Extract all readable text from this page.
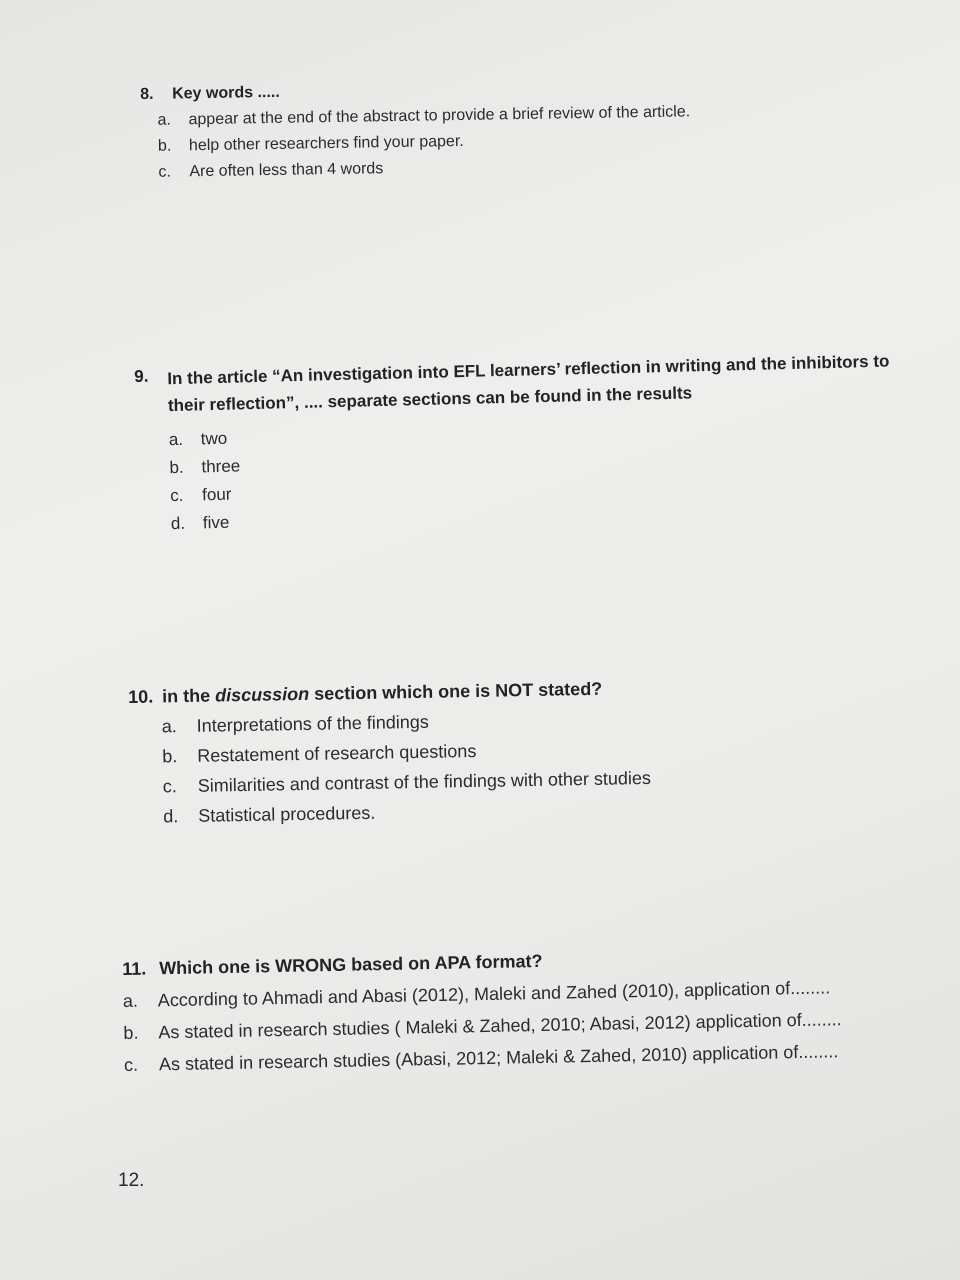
8.	Key words .....
a.	appear at the end of the abstract to provide a brief review of the article.
b.	help other researchers find your paper.
c.	Are often less than 4 words
9.	In the article “An investigation into EFL learners’ reflection in writing and the inhibitors to their reflection”, .... separate sections can be found in the results
a.	two
b.	three
c.	four
d.	five
10. in the discussion section which one is NOT stated?
a.	Interpretations of the findings
b.	Restatement of research questions
c.	Similarities and contrast of the findings with other studies
d.	Statistical procedures.
11. Which one is WRONG based on APA format?
a.	According to Ahmadi and Abasi (2012), Maleki and Zahed (2010), application of........
b.	As stated in research studies ( Maleki & Zahed, 2010; Abasi, 2012) application of........
c.	As stated in research studies (Abasi, 2012; Maleki & Zahed, 2010) application of........
12.
